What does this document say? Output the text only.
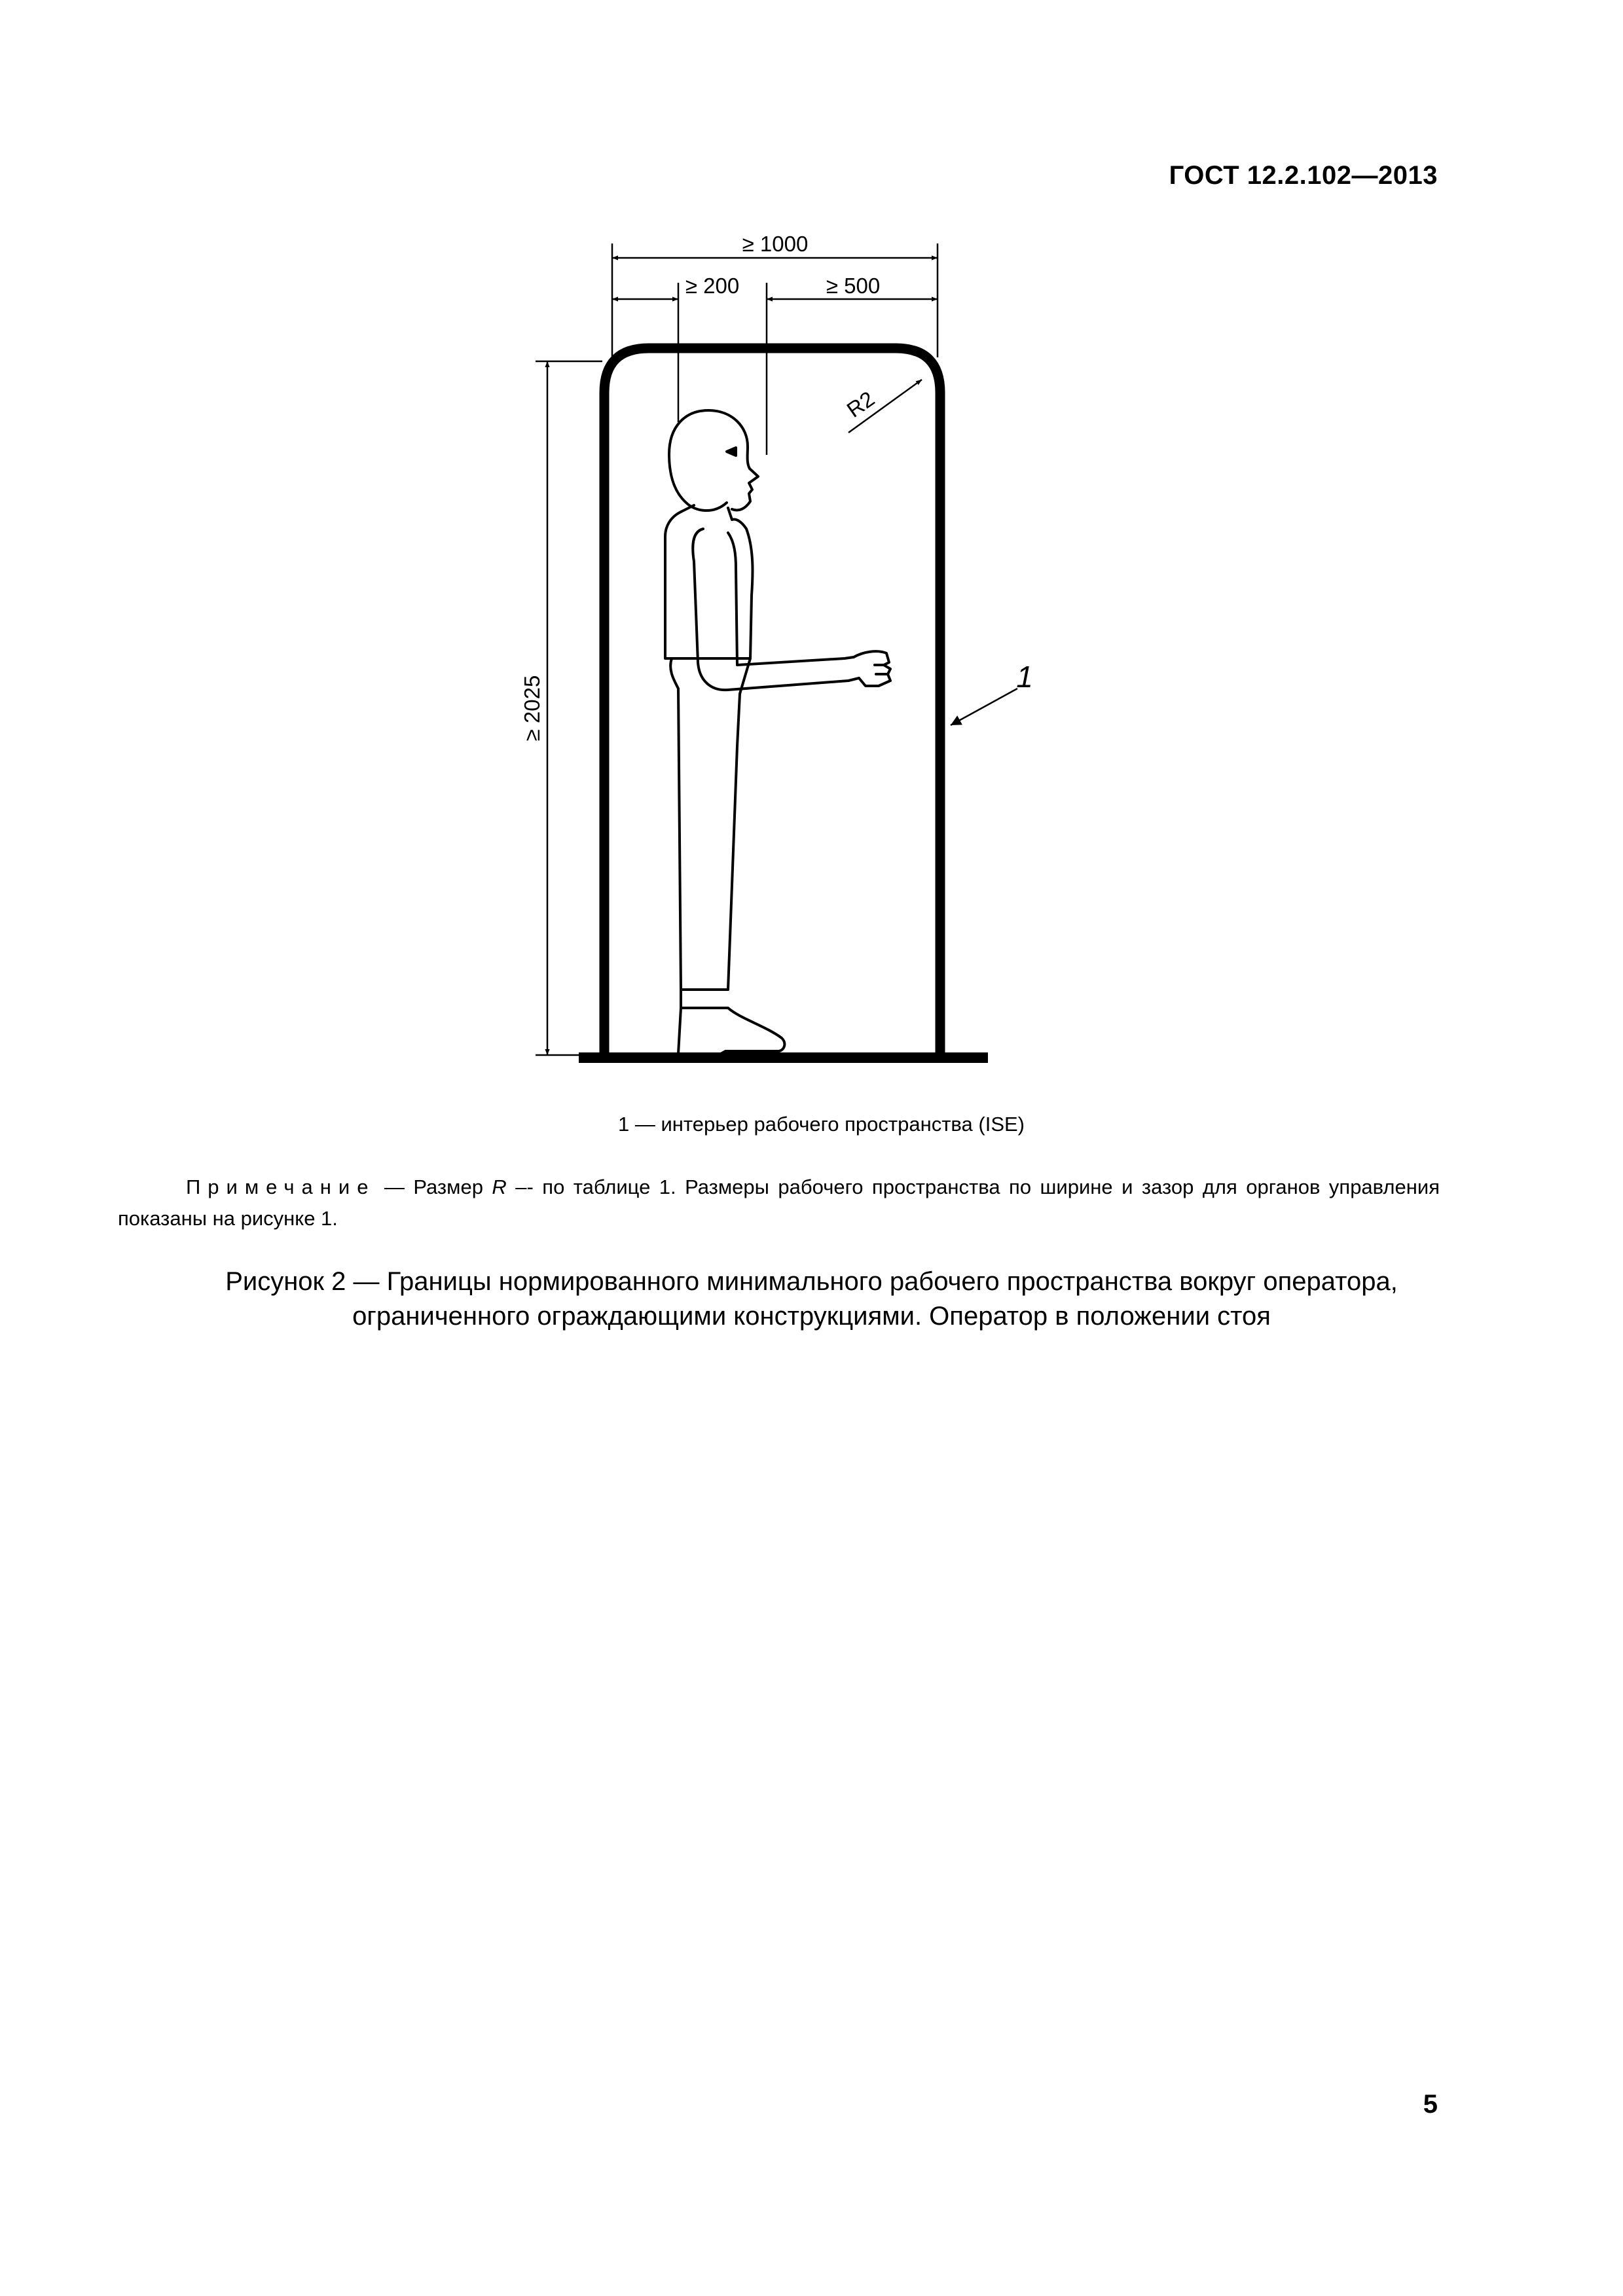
ГОСТ 12.2.102—2013
≥ 1000
≥ 200	≥ 500
≥ 2025
R2
1
1 — интерьер рабочего пространства (ISE)
Примечание — Размер R –- по таблице 1. Размеры рабочего пространства по ширине и зазор для органов управления показаны на рисунке 1.
Рисунок 2 — Границы нормированного минимального рабочего пространства вокруг оператора,
ограниченного ограждающими конструкциями. Оператор в положении стоя
5
